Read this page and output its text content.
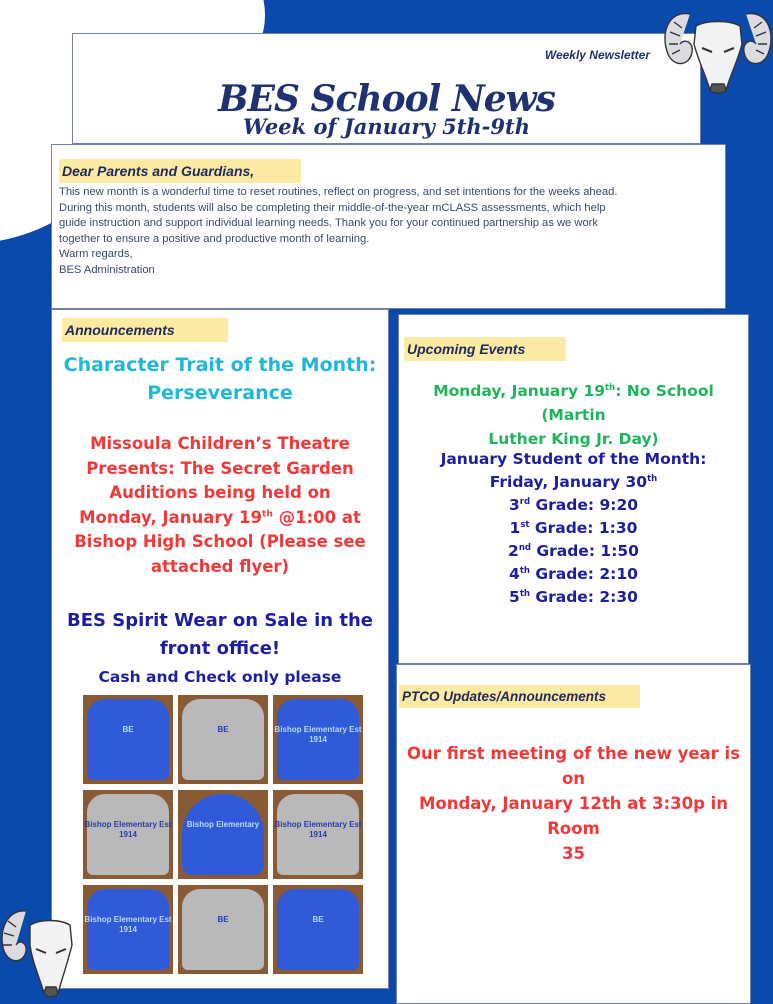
Weekly Newsletter
BES School News
Week of January 5th-9th
Dear Parents and Guardians,

This new month is a wonderful time to reset routines, reflect on progress, and set intentions for the weeks ahead.

During this month, students will also be completing their middle-of-the-year mCLASS assessments, which help

guide instruction and support individual learning needs. Thank you for your continued partnership as we work

together to ensure a positive and productive month of learning.

Warm regards,

BES Administration

Announcements
Character Trait of the Month:
Perseverance
Missoula Children’s Theatre
Presents: The Secret Garden
Auditions being held on
Monday, January 19th @1:00 at
Bishop High School (Please see
attached flyer)
BES Spirit Wear on Sale in the
front office!
Cash and Check only please
BE	BE	Bishop Elementary Est 1914
Bishop Elementary Est 1914
Bishop Elementary	Bishop Elementary Est 1914
Bishop Elementary Est 1914
BE	BE
Upcoming Events
Monday, January 19th: No School (Martin
Luther King Jr. Day)
January Student of the Month:
Friday, January 30th
3rd Grade: 9:20
1st Grade: 1:30
2nd Grade: 1:50
4th Grade: 2:10
5th Grade: 2:30
PTCO Updates/Announcements
Our first meeting of the new year is on
Monday, January 12th at 3:30p in Room
35
